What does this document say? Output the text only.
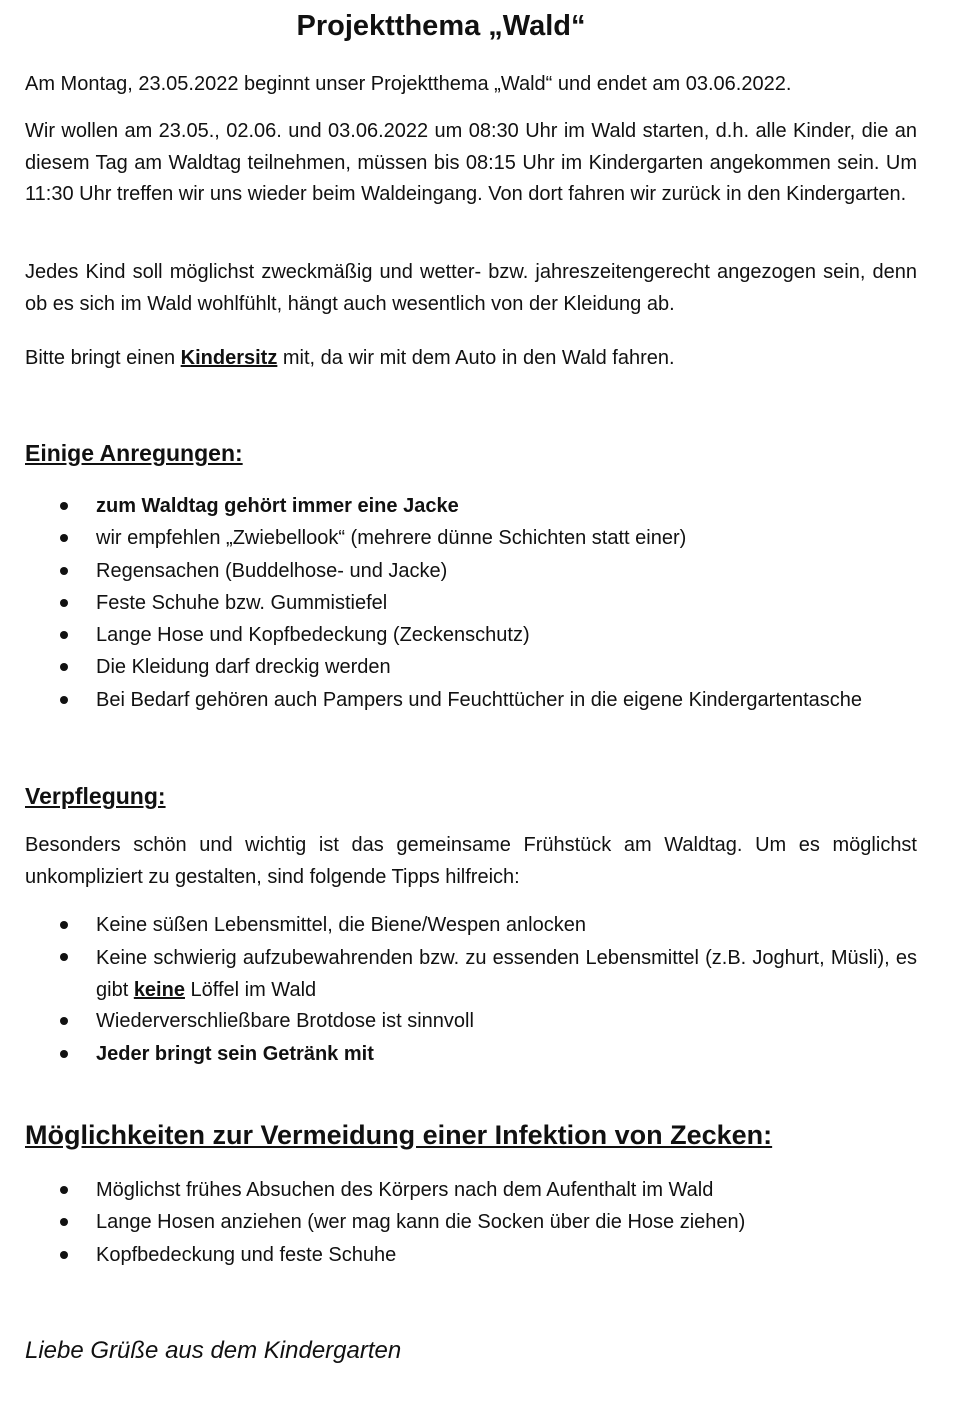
Projektthema „Wald“

Am Montag, 23.05.2022 beginnt unser Projektthema „Wald“ und endet am 03.06.2022.

Wir wollen am 23.05., 02.06. und 03.06.2022 um 08:30 Uhr im Wald starten, d.h. alle Kinder, die an diesem Tag am Waldtag teilnehmen, müssen bis 08:15 Uhr im Kindergarten angekommen sein. Um 11:30 Uhr treffen wir uns wieder beim Waldeingang. Von dort fahren wir zurück in den Kindergarten.

Jedes Kind soll möglichst zweckmäßig und wetter- bzw. jahreszeitengerecht angezogen sein, denn ob es sich im Wald wohlfühlt, hängt auch wesentlich von der Kleidung ab.

Bitte bringt einen Kindersitz mit, da wir mit dem Auto in den Wald fahren.

Einige Anregungen:
zum Waldtag gehört immer eine Jacke
wir empfehlen „Zwiebellook“ (mehrere dünne Schichten statt einer)
Regensachen (Buddelhose- und Jacke)
Feste Schuhe bzw. Gummistiefel
Lange Hose und Kopfbedeckung (Zeckenschutz)
Die Kleidung darf dreckig werden
Bei Bedarf gehören auch Pampers und Feuchttücher in die eigene Kindergartentasche
Verpflegung:

Besonders schön und wichtig ist das gemeinsame Frühstück am Waldtag. Um es möglichst unkompliziert zu gestalten, sind folgende Tipps hilfreich:

Keine süßen Lebensmittel, die Biene/Wespen anlocken
Keine schwierig aufzubewahrenden bzw. zu essenden Lebensmittel (z.B. Joghurt, Müsli), es gibt keine Löffel im Wald
Wiederverschließbare Brotdose ist sinnvoll
Jeder bringt sein Getränk mit
Möglichkeiten zur Vermeidung einer Infektion von Zecken:
Möglichst frühes Absuchen des Körpers nach dem Aufenthalt im Wald
Lange Hosen anziehen (wer mag kann die Socken über die Hose ziehen)
Kopfbedeckung und feste Schuhe

Liebe Grüße aus dem Kindergarten
